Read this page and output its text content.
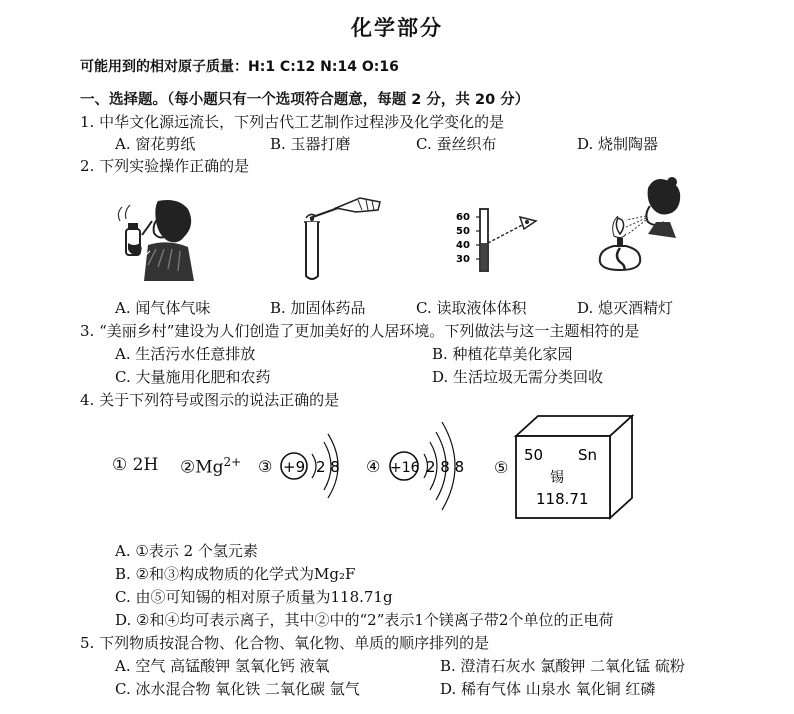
化学部分
可能用到的相对原子质量：H:1 C:12 N:14 O:16
一、选择题。（每小题只有一个选项符合题意，每题 2 分，共 20 分）
1. 中华文化源远流长，下列古代工艺制作过程涉及化学变化的是
A. 窗花剪纸	B. 玉器打磨	C. 蚕丝织布	D. 烧制陶器
2. 下列实验操作正确的是
60
50
40
30
A. 闻气体气味	B. 加固体药品	C. 读取液体体积	D. 熄灭酒精灯
3. “美丽乡村”建设为人们创造了更加美好的人居环境。下列做法与这一主题相符的是
A. 生活污水任意排放	B. 种植花草美化家园
C. 大量施用化肥和农药	D. 生活垃圾无需分类回收
4. 关于下列符号或图示的说法正确的是
① 2H $②Mg^{2+}$ ③ +9 2 8 ④ +16 2 8 8 ⑤
50 Sn
锡
118.71
A. ①表示 2 个氢元素
B. ②和③构成物质的化学式为Mg₂F
C. 由⑤可知锡的相对原子质量为118.71g
D. ②和④均可表示离子，其中②中的“2”表示1个镁离子带2个单位的正电荷
5. 下列物质按混合物、化合物、氧化物、单质的顺序排列的是
A. 空气 高锰酸钾 氢氧化钙 液氧	B. 澄清石灰水 氯酸钾 二氧化锰 硫粉
C. 冰水混合物 氧化铁 二氧化碳 氩气	D. 稀有气体 山泉水 氧化铜 红磷
